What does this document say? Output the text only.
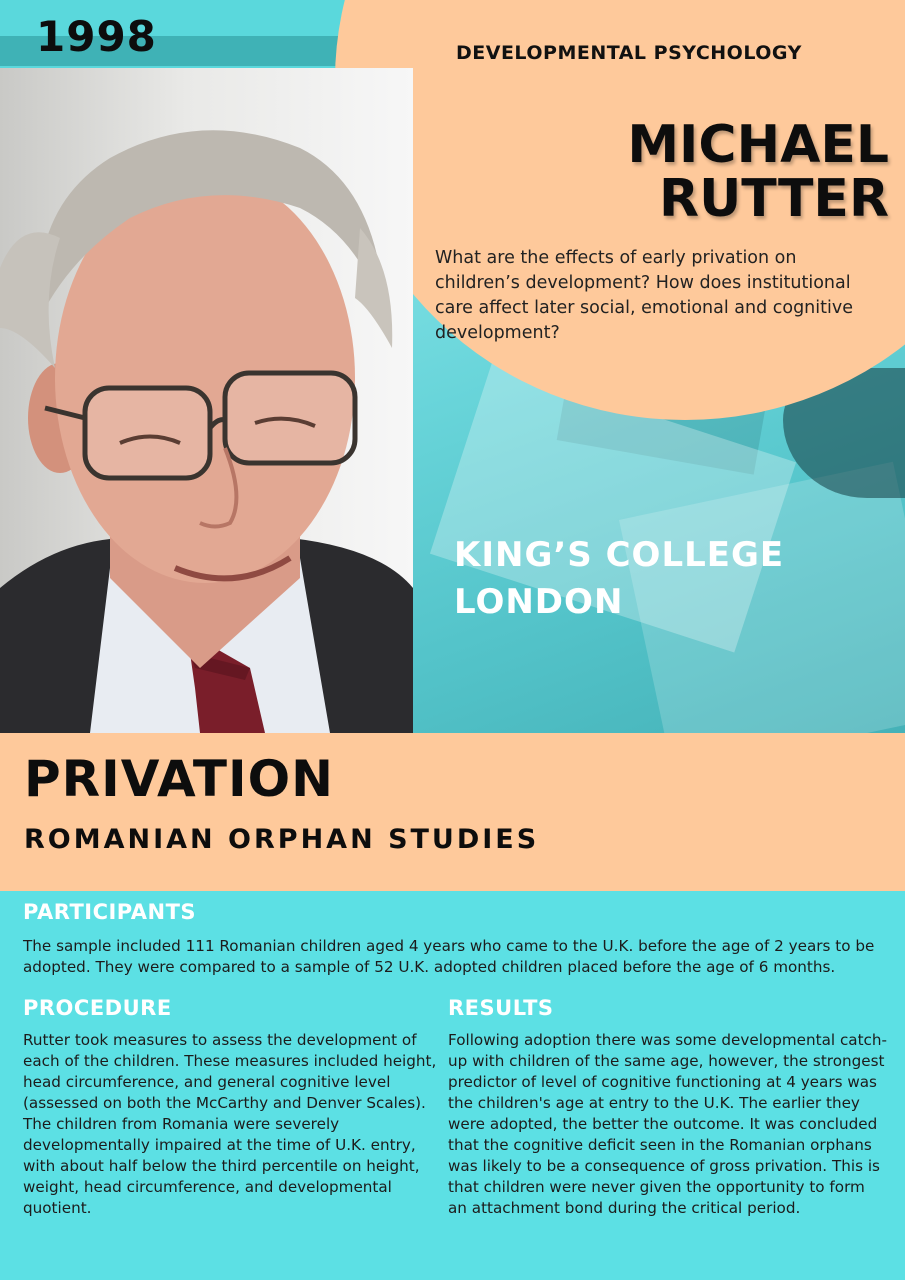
1998	DEVELOPMENTAL PSYCHOLOGY
MICHAEL
RUTTER
What are the effects of early privation on children’s development? How does institutional care affect later social, emotional and cognitive development?
KING’S COLLEGE
LONDON
PRIVATION
ROMANIAN ORPHAN STUDIES
PARTICIPANTS
The sample included 111 Romanian children aged 4 years who came to the U.K. before the age of 2 years to be adopted. They were compared to a sample of 52 U.K. adopted children placed before the age of 6 months.
PROCEDURE
Rutter took measures to assess the development of each of the children. These measures included height, head circumference, and general cognitive level (assessed on both the McCarthy and Denver Scales). The children from Romania were severely developmentally impaired at the time of U.K. entry, with about half below the third percentile on height, weight, head circumference, and developmental quotient.
RESULTS
Following adoption there was some developmental catch-up with children of the same age, however, the strongest predictor of level of cognitive functioning at 4 years was the children's age at entry to the U.K. The earlier they were adopted, the better the outcome. It was concluded that the cognitive deficit seen in the Romanian orphans was likely to be a consequence of gross privation. This is that children were never given the opportunity to form an attachment bond during the critical period.
